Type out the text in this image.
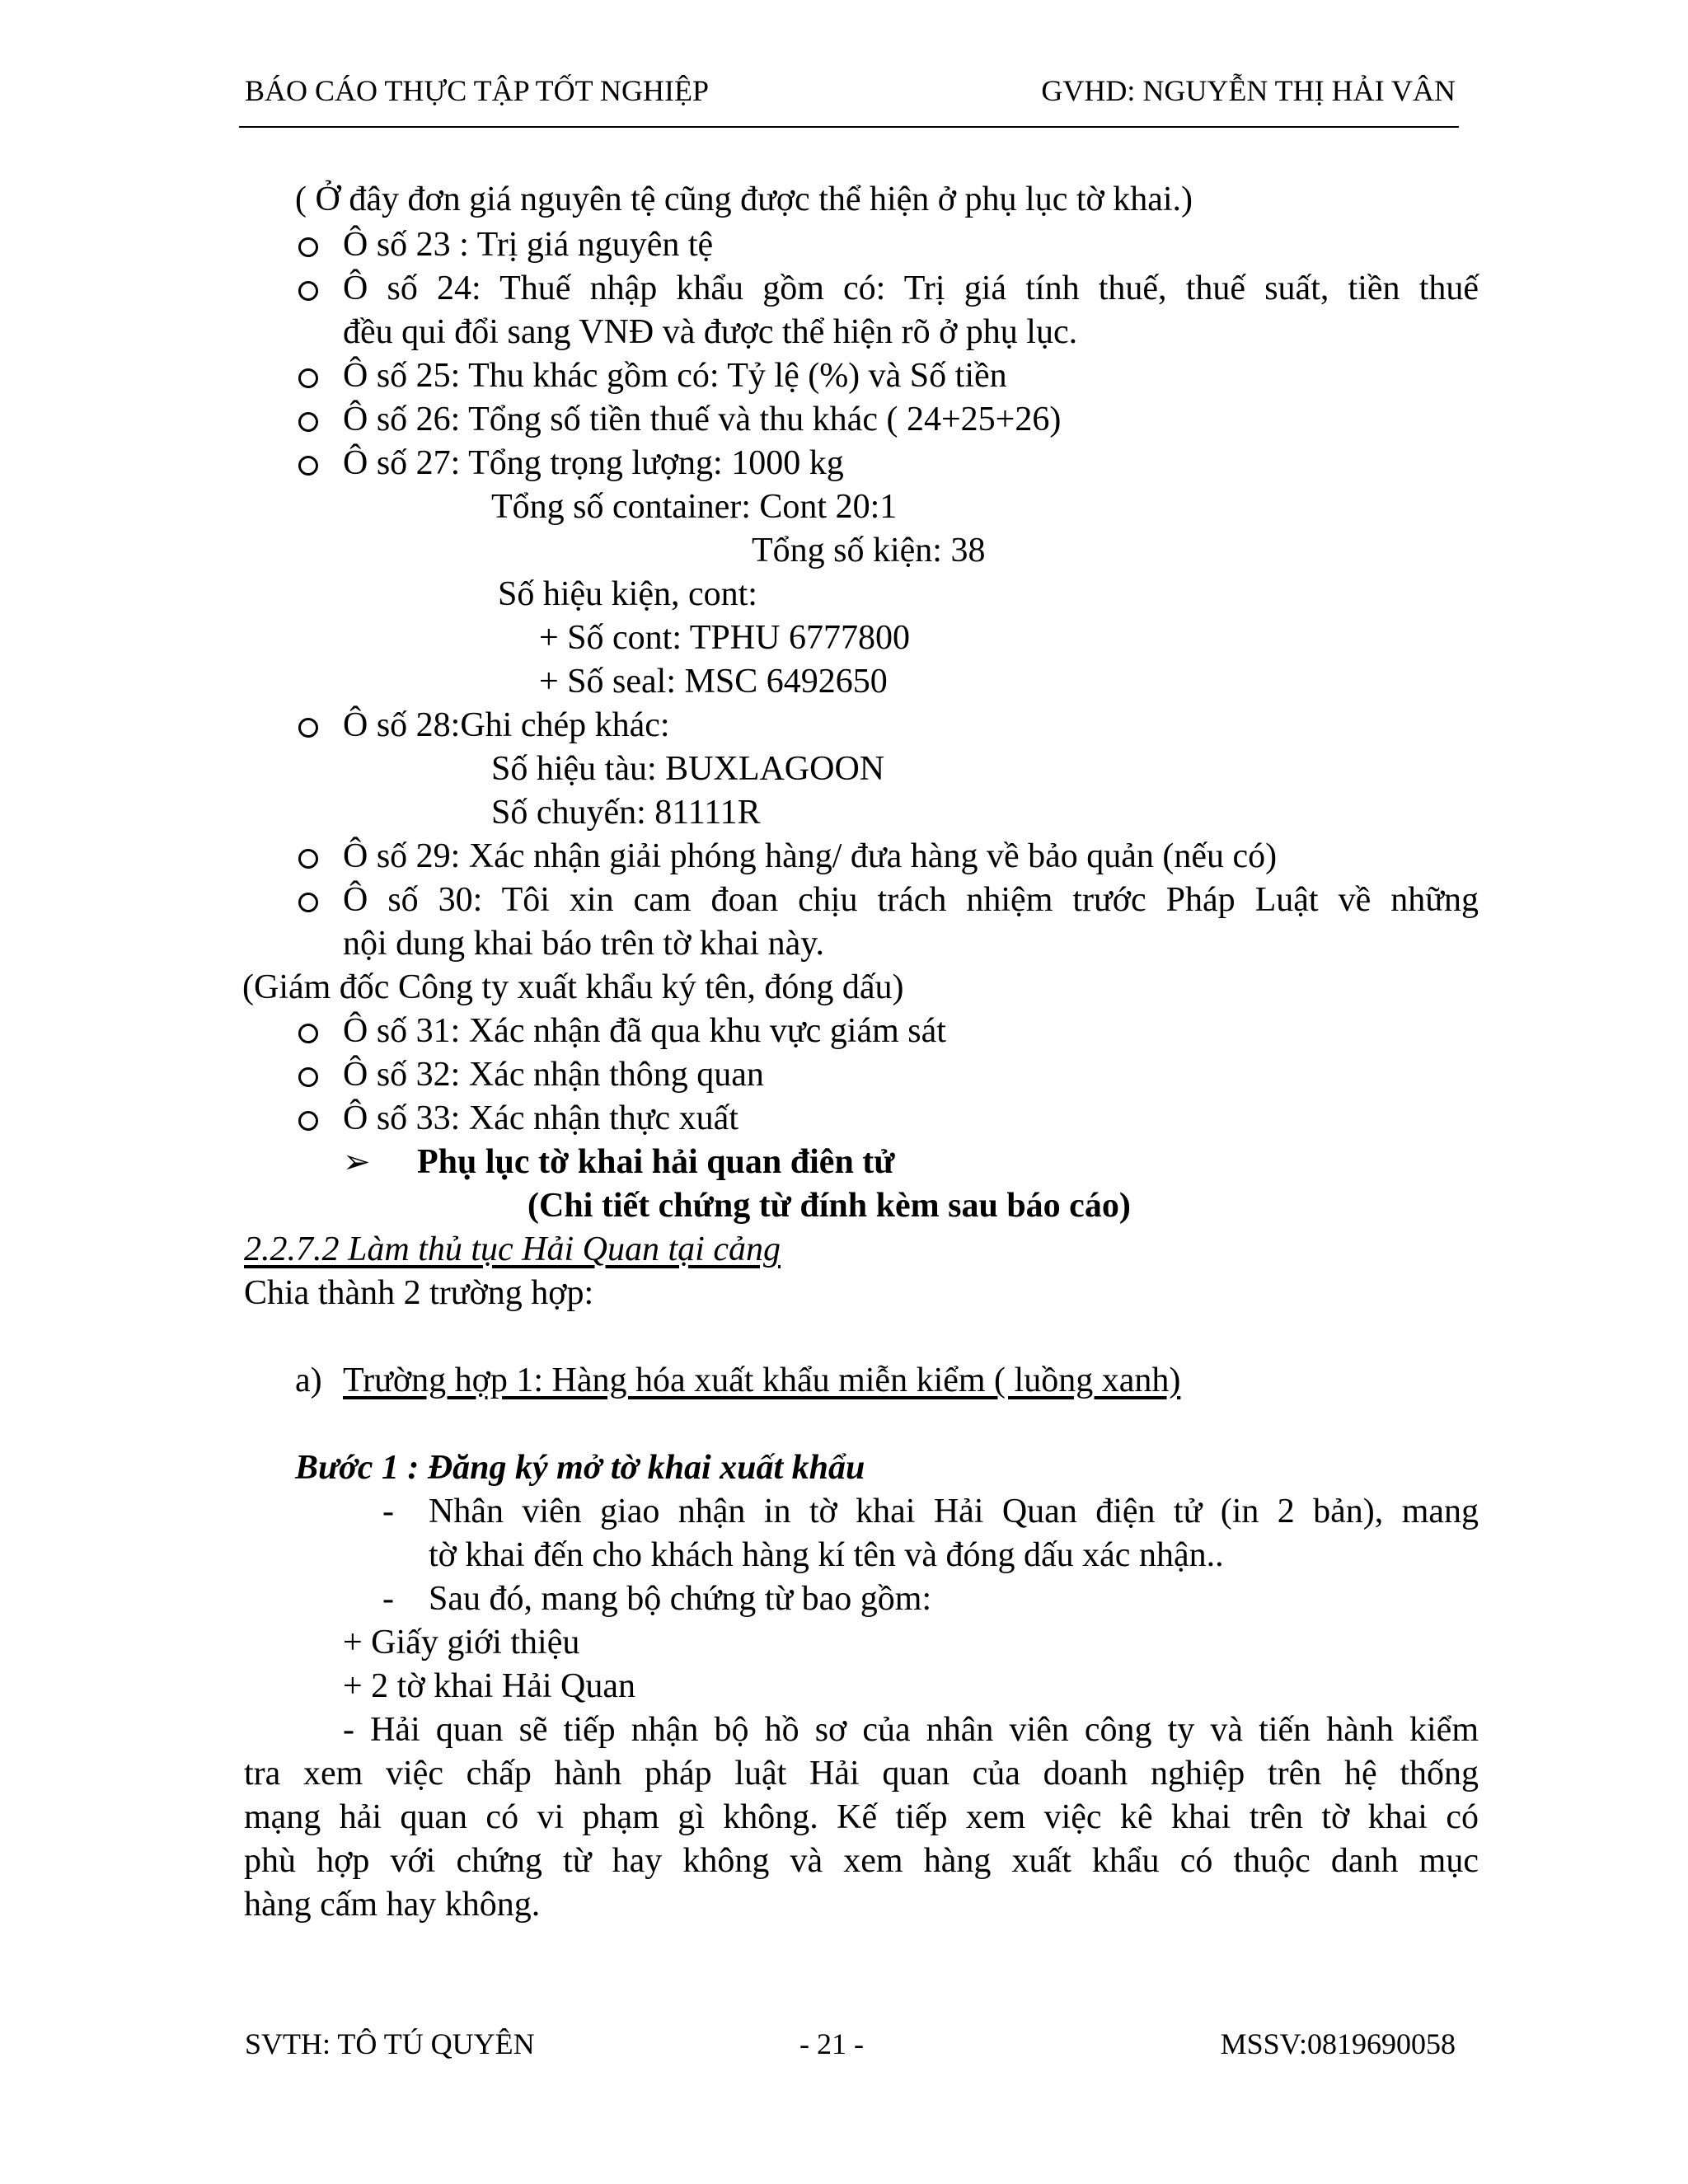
BÁO CÁO THỰC TẬP TỐT NGHIỆP	GVHD: NGUYỄN THỊ HẢI VÂN
( Ở đây đơn giá nguyên tệ cũng được thể hiện ở phụ lục tờ khai.)
Ô số 23 : Trị giá nguyên tệ
Ô số 24: Thuế nhập khẩu gồm có: Trị giá tính thuế, thuế suất, tiền thuế
đều qui đổi sang VNĐ và được thể hiện rõ ở phụ lục.
Ô số 25: Thu khác gồm có: Tỷ lệ (%) và Số tiền
Ô số 26: Tổng số tiền thuế và thu khác ( 24+25+26)
Ô số 27: Tổng trọng lượng: 1000 kg
Tổng số container: Cont 20:1
Tổng số kiện: 38
Số hiệu kiện, cont:
+ Số cont: TPHU 6777800
+ Số seal: MSC 6492650
Ô số 28:Ghi chép khác:
Số hiệu tàu: BUXLAGOON
Số chuyến: 81111R
Ô số 29: Xác nhận giải phóng hàng/ đưa hàng về bảo quản (nếu có)
Ô số 30: Tôi xin cam đoan chịu trách nhiệm trước Pháp Luật về những
nội dung khai báo trên tờ khai này.
(Giám đốc Công ty xuất khẩu ký tên, đóng dấu)
Ô số 31: Xác nhận đã qua khu vực giám sát
Ô số 32: Xác nhận thông quan
Ô số 33: Xác nhận thực xuất
➢ Phụ lục tờ khai hải quan điên tử
(Chi tiết chứng từ đính kèm sau báo cáo)
2.2.7.2 Làm thủ tục Hải Quan tại cảng
Chia thành 2 trường hợp:
a) Trường hợp 1: Hàng hóa xuất khẩu miễn kiểm ( luồng xanh)
Bước 1 : Đăng ký mở tờ khai xuất khẩu
- Nhân viên giao nhận in tờ khai Hải Quan điện tử (in 2 bản), mang
tờ khai đến cho khách hàng kí tên và đóng dấu xác nhận..
- Sau đó, mang bộ chứng từ bao gồm:
+ Giấy giới thiệu
+ 2 tờ khai Hải Quan
- Hải quan sẽ tiếp nhận bộ hồ sơ của nhân viên công ty và tiến hành kiểm
tra xem việc chấp hành pháp luật Hải quan của doanh nghiệp trên hệ thống
mạng hải quan có vi phạm gì không. Kế tiếp xem việc kê khai trên tờ khai có
phù hợp với chứng từ hay không và xem hàng xuất khẩu có thuộc danh mục
hàng cấm hay không.
SVTH: TÔ TÚ QUYÊN	- 21 -	MSSV:0819690058
